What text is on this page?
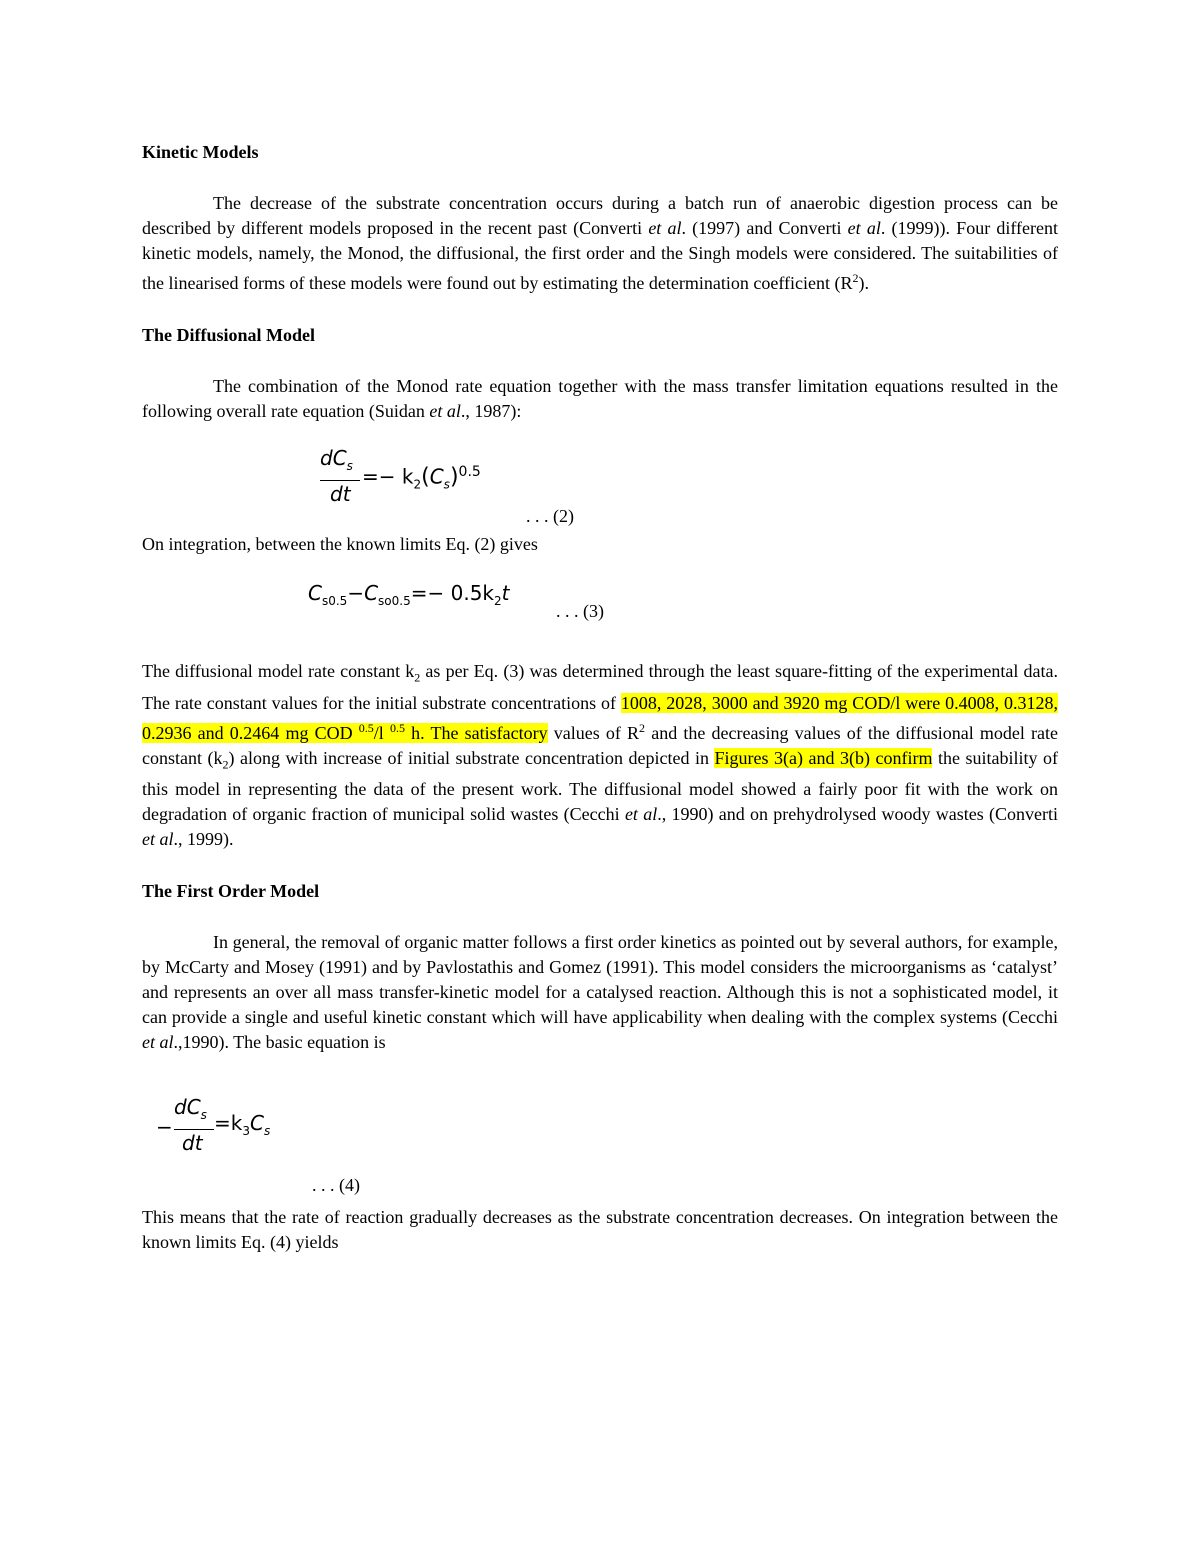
Kinetic Models

The decrease of the substrate concentration occurs during a batch run of anaerobic digestion process can be described by different models proposed in the recent past (Converti et al. (1997) and Converti et al. (1999)). Four different kinetic models, namely, the Monod, the diffusional, the first order and the Singh models were considered. The suitabilities of the linearised forms of these models were found out by estimating the determination coefficient $(R^2)$.

The Diffusional Model

The combination of the Monod rate equation together with the mass transfer limitation equations resulted in the following overall rate equation (Suidan et al., 1987):

$dC_s$
dt
=− $k_2(C_s)^{0.5}$
. . . (2)

On integration, between the known limits Eq. (2) gives

$C_{s0.5}-C_{so0.5}=- 0.5k_2t$
. . . (3)

The diffusional model rate constant $k_2$ as per Eq. (3) was determined through the least square-fitting of the experimental data. The rate constant values for the initial substrate concentrations of 1008, 2028, 3000 and 3920 mg COD/l were 0.4008, 0.3128, 0.2936 and 0.2464 mg COD $^{0.5}$/l $^{0.5}$ h. The satisfactory values of $R^2$ and the decreasing values of the diffusional model rate constant $(k_2)$ along with increase of initial substrate concentration depicted in Figures 3(a) and 3(b) confirm the suitability of this model in representing the data of the present work. The diffusional model showed a fairly poor fit with the work on degradation of organic fraction of municipal solid wastes (Cecchi et al., 1990) and on prehydrolysed woody wastes (Converti et al., 1999).

The First Order Model

In general, the removal of organic matter follows a first order kinetics as pointed out by several authors, for example, by McCarty and Mosey (1991) and by Pavlostathis and Gomez (1991). This model considers the microorganisms as ‘catalyst’ and represents an over all mass transfer-kinetic model for a catalysed reaction. Although this is not a sophisticated model, it can provide a single and useful kinetic constant which will have applicability when dealing with the complex systems (Cecchi et al.,1990). The basic equation is

−
$dC_s$
dt
$=k_3C_s$
. . . (4)

This means that the rate of reaction gradually decreases as the substrate concentration decreases. On integration between the known limits Eq. (4) yields
